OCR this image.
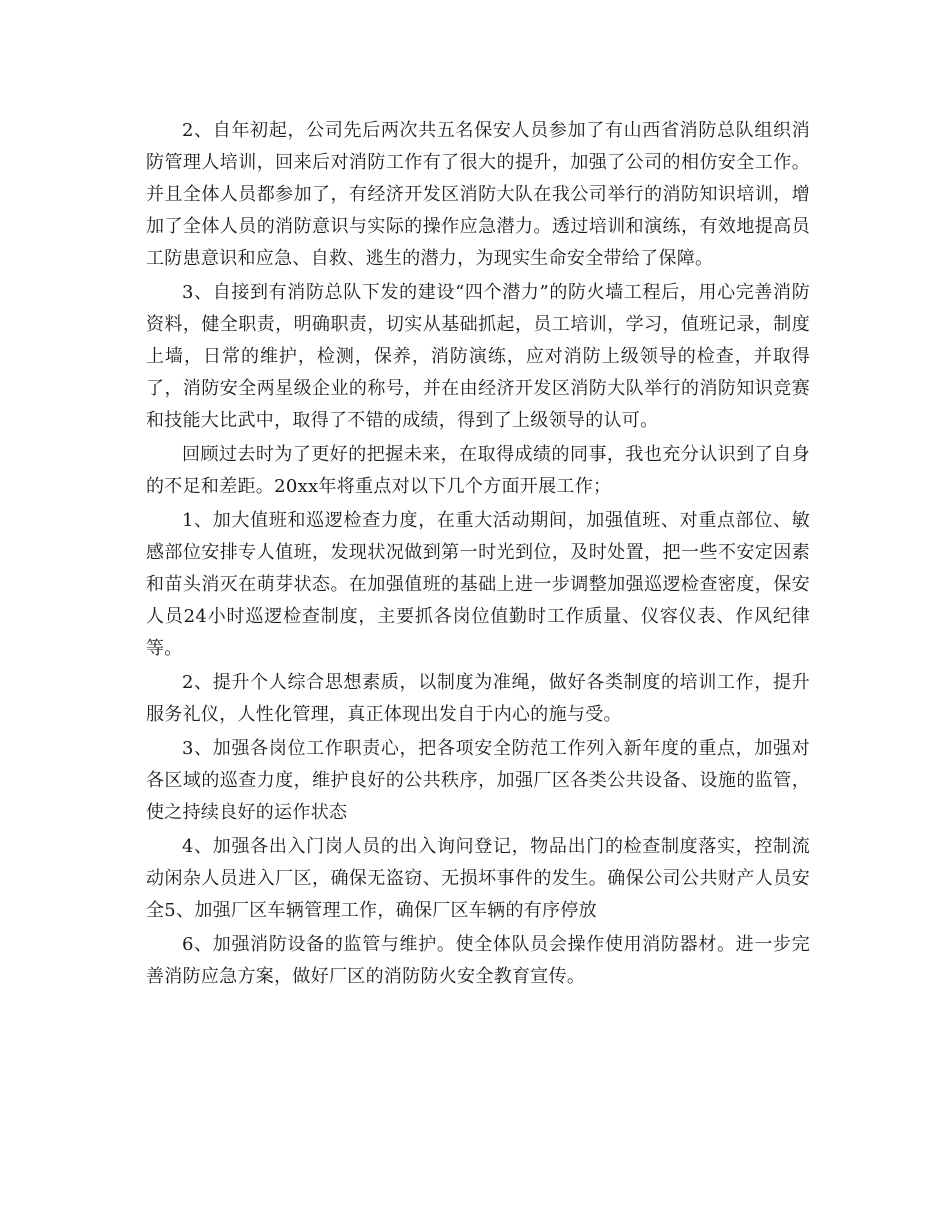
2、自年初起，公司先后两次共五名保安人员参加了有山西省消防总队组织消防管理人培训，回来后对消防工作有了很大的提升，加强了公司的相仿安全工作。并且全体人员都参加了，有经济开发区消防大队在我公司举行的消防知识培训，增加了全体人员的消防意识与实际的操作应急潜力。透过培训和演练，有效地提高员工防患意识和应急、自救、逃生的潜力，为现实生命安全带给了保障。

3、自接到有消防总队下发的建设“四个潜力”的防火墙工程后，用心完善消防资料，健全职责，明确职责，切实从基础抓起，员工培训，学习，值班记录，制度上墙，日常的维护，检测，保养，消防演练，应对消防上级领导的检查，并取得了，消防安全两星级企业的称号，并在由经济开发区消防大队举行的消防知识竞赛和技能大比武中，取得了不错的成绩，得到了上级领导的认可。

回顾过去时为了更好的把握未来，在取得成绩的同事，我也充分认识到了自身的不足和差距。20xx年将重点对以下几个方面开展工作；

1、加大值班和巡逻检查力度，在重大活动期间，加强值班、对重点部位、敏感部位安排专人值班，发现状况做到第一时光到位，及时处置，把一些不安定因素和苗头消灭在萌芽状态。在加强值班的基础上进一步调整加强巡逻检查密度，保安人员24小时巡逻检查制度，主要抓各岗位值勤时工作质量、仪容仪表、作风纪律等。

2、提升个人综合思想素质，以制度为准绳，做好各类制度的培训工作，提升服务礼仪，人性化管理，真正体现出发自于内心的施与受。

3、加强各岗位工作职责心，把各项安全防范工作列入新年度的重点，加强对各区域的巡查力度，维护良好的公共秩序，加强厂区各类公共设备、设施的监管，使之持续良好的运作状态

4、加强各出入门岗人员的出入询问登记，物品出门的检查制度落实，控制流动闲杂人员进入厂区，确保无盗窃、无损坏事件的发生。确保公司公共财产人员安全5、加强厂区车辆管理工作，确保厂区车辆的有序停放

6、加强消防设备的监管与维护。使全体队员会操作使用消防器材。进一步完善消防应急方案，做好厂区的消防防火安全教育宣传。
